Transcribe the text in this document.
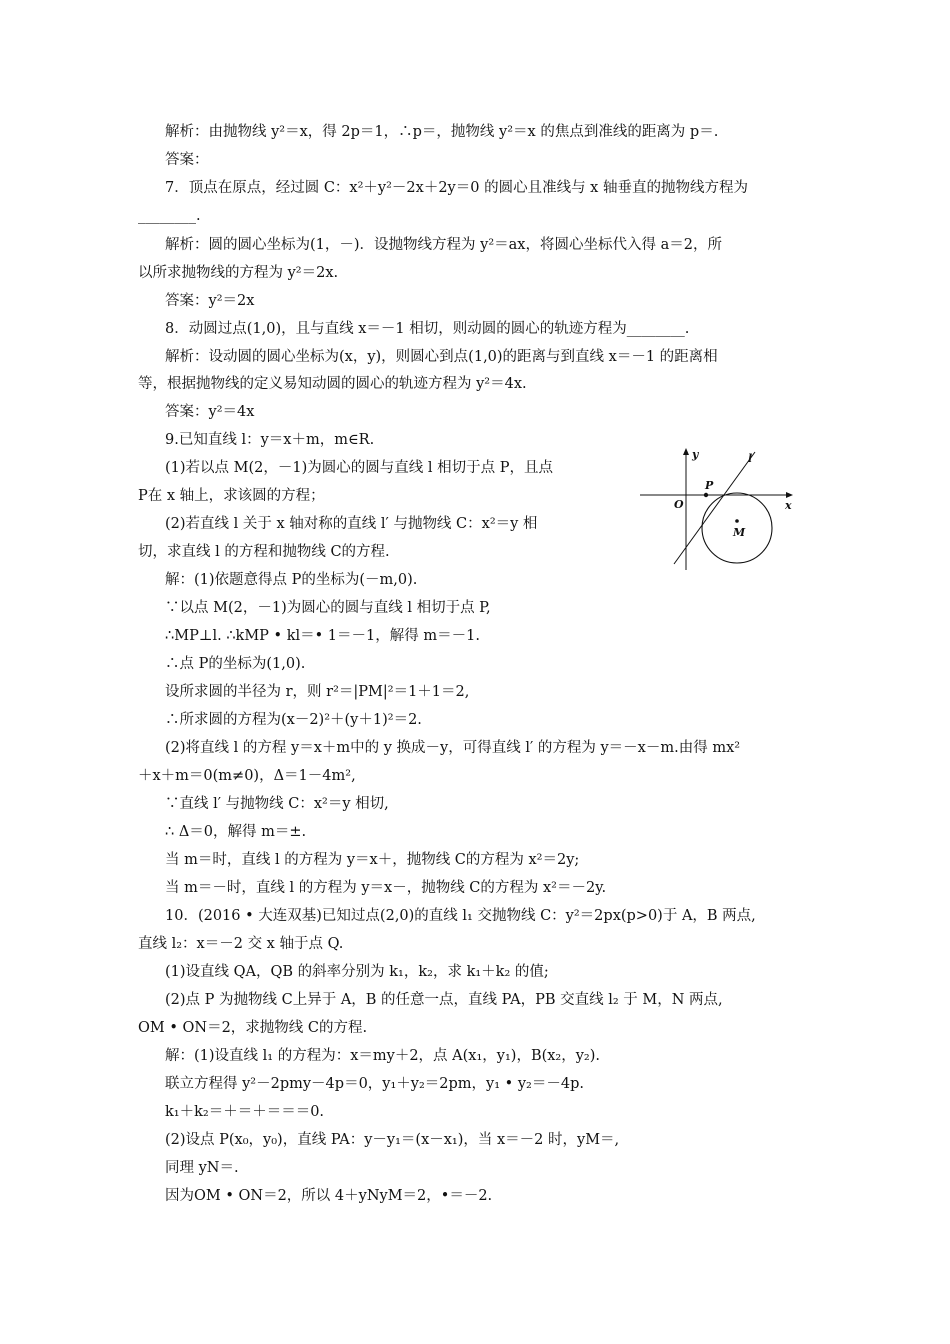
解析：由抛物线 y²＝x，得 2p＝1，∴p＝，抛物线 y²＝x 的焦点到准线的距离为 p＝.
答案：
7．顶点在原点，经过圆 C：x²＋y²－2x＋2y＝0 的圆心且准线与 x 轴垂直的抛物线方程为
________.
解析：圆的圆心坐标为(1，－)．设抛物线方程为 y²＝ax，将圆心坐标代入得 a＝2，所
以所求抛物线的方程为 y²＝2x.
答案：y²＝2x
8．动圆过点(1,0)，且与直线 x＝－1 相切，则动圆的圆心的轨迹方程为________.
解析：设动圆的圆心坐标为(x，y)，则圆心到点(1,0)的距离与到直线 x＝－1 的距离相
等，根据抛物线的定义易知动圆的圆心的轨迹方程为 y²＝4x.
答案：y²＝4x
9.已知直线 l：y＝x＋m，m∈R.
(1)若以点 M(2，－1)为圆心的圆与直线 l 相切于点 P，且点
P在 x 轴上，求该圆的方程；
(2)若直线 l 关于 x 轴对称的直线 l′ 与抛物线 C：x²＝y 相
切，求直线 l 的方程和抛物线 C的方程.
解：(1)依题意得点 P的坐标为(－m,0).
∵以点 M(2，－1)为圆心的圆与直线 l 相切于点 P,
∴MP⊥l. ∴kMP • kl＝• 1＝－1，解得 m＝－1.
∴点 P的坐标为(1,0).
设所求圆的半径为 r，则 r²＝|PM|²＝1＋1＝2,
∴所求圆的方程为(x－2)²＋(y＋1)²＝2.
(2)将直线 l 的方程 y＝x＋m中的 y 换成－y，可得直线 l′ 的方程为 y＝－x－m.由得 mx²
＋x＋m＝0(m≠0)，Δ＝1－4m²,
∵直线 l′ 与抛物线 C：x²＝y 相切,
∴ Δ＝0，解得 m＝±.
当 m＝时，直线 l 的方程为 y＝x＋，抛物线 C的方程为 x²＝2y;
当 m＝－时，直线 l 的方程为 y＝x－，抛物线 C的方程为 x²＝－2y.
10．(2016 • 大连双基)已知过点(2,0)的直线 l₁ 交抛物线 C：y²＝2px(p>0)于 A，B 两点,
直线 l₂：x＝－2 交 x 轴于点 Q.
(1)设直线 QA，QB 的斜率分别为 k₁，k₂，求 k₁＋k₂ 的值;
(2)点 P 为抛物线 C上异于 A，B 的任意一点，直线 PA，PB 交直线 l₂ 于 M，N 两点,
OM • ON＝2，求抛物线 C的方程.
解：(1)设直线 l₁ 的方程为：x＝my＋2，点 A(x₁，y₁)，B(x₂，y₂).
联立方程得 y²－2pmy－4p＝0，y₁＋y₂＝2pm，y₁ • y₂＝－4p.
k₁＋k₂＝＋＝＋＝＝＝0.
(2)设点 P(x₀，y₀)，直线 PA：y－y₁＝(x－x₁)，当 x＝－2 时，yM＝,
同理 yN＝.
因为OM • ON＝2，所以 4＋yNyM＝2，•＝－2.
y	l
P
O	x
M
